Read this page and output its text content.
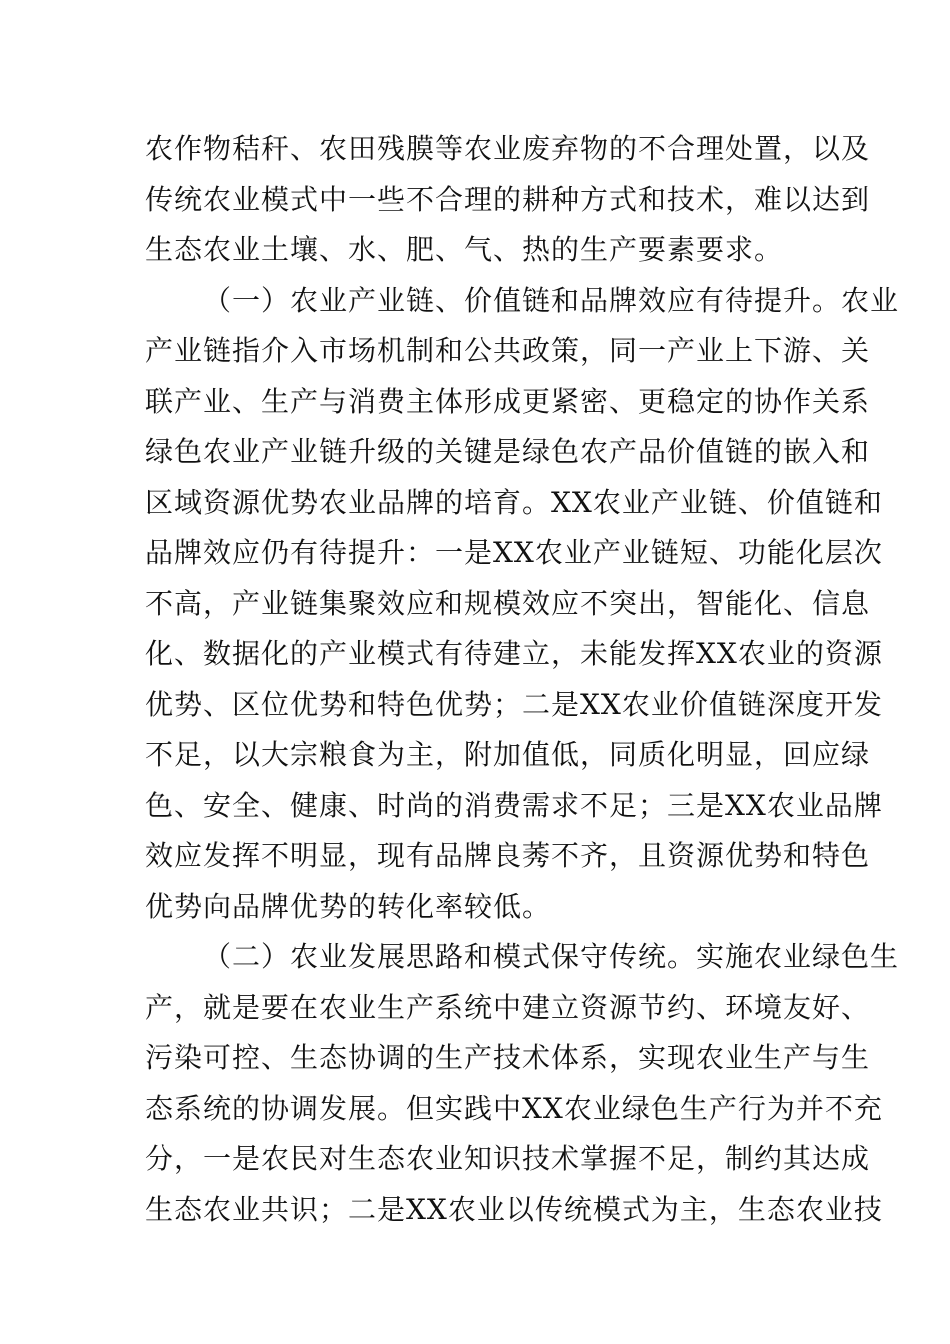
农作物秸秆、农田残膜等农业废弃物的不合理处置，以及
传统农业模式中一些不合理的耕种方式和技术，难以达到
生态农业土壤、水、肥、气、热的生产要素要求。
（一）农业产业链、价值链和品牌效应有待提升。农业
产业链指介入市场机制和公共政策，同一产业上下游、关
联产业、生产与消费主体形成更紧密、更稳定的协作关系
绿色农业产业链升级的关键是绿色农产品价值链的嵌入和
区域资源优势农业品牌的培育。XX农业产业链、价值链和
品牌效应仍有待提升：一是XX农业产业链短、功能化层次
不高，产业链集聚效应和规模效应不突出，智能化、信息
化、数据化的产业模式有待建立，未能发挥XX农业的资源
优势、区位优势和特色优势；二是XX农业价值链深度开发
不足，以大宗粮食为主，附加值低，同质化明显，回应绿
色、安全、健康、时尚的消费需求不足；三是XX农业品牌
效应发挥不明显，现有品牌良莠不齐，且资源优势和特色
优势向品牌优势的转化率较低。
（二）农业发展思路和模式保守传统。实施农业绿色生
产，就是要在农业生产系统中建立资源节约、环境友好、
污染可控、生态协调的生产技术体系，实现农业生产与生
态系统的协调发展。但实践中XX农业绿色生产行为并不充
分，一是农民对生态农业知识技术掌握不足，制约其达成
生态农业共识；二是XX农业以传统模式为主，生态农业技
